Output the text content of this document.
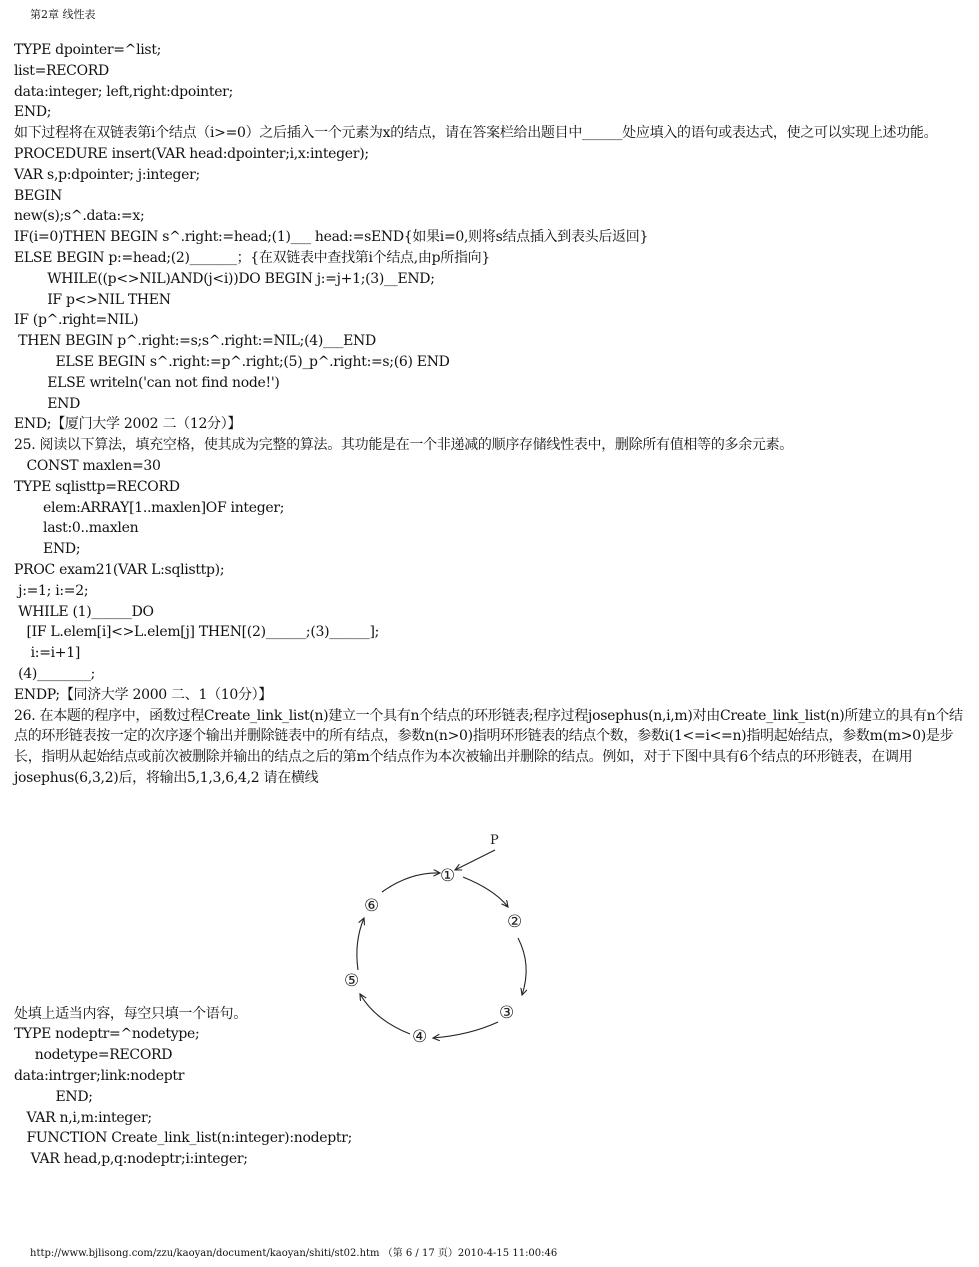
第2章 线性表
TYPE dpointer=^list;
list=RECORD
data:integer; left,right:dpointer;
END;
如下过程将在双链表第i个结点（i>=0）之后插入一个元素为x的结点，请在答案栏给出题目中______处应填入的语句或表达式，使之可以实现上述功能。
PROCEDURE insert(VAR head:dpointer;i,x:integer);
VAR s,p:dpointer; j:integer;
BEGIN
new(s);s^.data:=x;
IF(i=0)THEN BEGIN s^.right:=head;(1)___ head:=sEND{如果i=0,则将s结点插入到表头后返回}
ELSE BEGIN p:=head;(2)_______；{在双链表中查找第i个结点,由p所指向}
WHILE((p<>NIL)AND(j<i))DO BEGIN j:=j+1;(3)__END;
IF p<>NIL THEN
IF (p^.right=NIL)
THEN BEGIN p^.right:=s;s^.right:=NIL;(4)___END
ELSE BEGIN s^.right:=p^.right;(5)_p^.right:=s;(6) END
ELSE writeln('can not find node!')
END
END;【厦门大学 2002 二（12分）】
25. 阅读以下算法，填充空格，使其成为完整的算法。其功能是在一个非递减的顺序存储线性表中，删除所有值相等的多余元素。
CONST maxlen=30
TYPE sqlisttp=RECORD
elem:ARRAY[1..maxlen]OF integer;
last:0..maxlen
END;
PROC exam21(VAR L:sqlisttp);
j:=1; i:=2;
WHILE (1)______DO
[IF L.elem[i]<>L.elem[j] THEN[(2)______;(3)______];
i:=i+1]
(4)________;
ENDP;【同济大学 2000 二、1（10分）】
26. 在本题的程序中，函数过程Create_link_list(n)建立一个具有n个结点的环形链表;程序过程josephus(n,i,m)对由Create_link_list(n)所建立的具有n个结点的环形链表按一定的次序逐个输出并删除链表中的所有结点，参数n(n>0)指明环形链表的结点个数，参数i(1<=i<=n)指明起始结点，参数m(m>0)是步长，指明从起始结点或前次被删除并输出的结点之后的第m个结点作为本次被输出并删除的结点。例如，对于下图中具有6个结点的环形链表，在调用josephus(6,3,2)后，将输出5,1,3,6,4,2 请在横线
处填上适当内容，每空只填一个语句。
TYPE nodeptr=^nodetype;
nodetype=RECORD
data:intrger;link:nodeptr
END;
VAR n,i,m:integer;
FUNCTION Create_link_list(n:integer):nodeptr;
VAR head,p,q:nodeptr;i:integer;
P
①
②
③
④
⑤
⑥
http://www.bjlisong.com/zzu/kaoyan/document/kaoyan/shiti/st02.htm （第 6 / 17 页）2010-4-15 11:00:46
